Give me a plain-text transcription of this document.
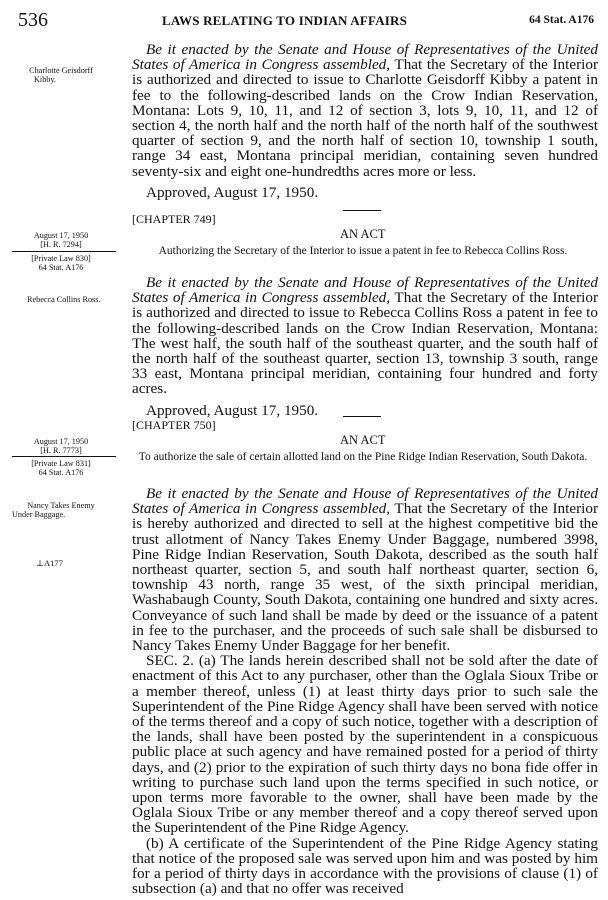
536	LAWS RELATING TO INDIAN AFFAIRS	64 Stat. A176
Charlotte Geisdorff
Kibby.
August 17, 1950
[H. R. 7294]
[Private Law 830]
64 Stat. A176
Rebecca Collins Ross.
August 17, 1950
[H. R. 7773]
[Private Law 831]
64 Stat. A176
Nancy Takes Enemy
Under Baggage.
⊥A177

Be it enacted by the Senate and House of Representatives of the United States of America in Congress assembled, That the Secretary of the Interior is authorized and directed to issue to Charlotte Geisdorff Kibby a patent in fee to the following-described lands on the Crow Indian Reservation, Montana: Lots 9, 10, 11, and 12 of section 3, lots 9, 10, 11, and 12 of section 4, the north half and the north half of the north half of the southwest quarter of section 9, and the north half of section 10, township 1 south, range 34 east, Montana principal meridian, containing seven hundred seventy-six and eight one-hundredths acres more or less.

Approved, August 17, 1950.

[CHAPTER 749]
AN ACT
Authorizing the Secretary of the Interior to issue a patent in fee to Rebecca Collins Ross.

Be it enacted by the Senate and House of Representatives of the United States of America in Congress assembled, That the Secretary of the Interior is authorized and directed to issue to Rebecca Collins Ross a patent in fee to the following-described lands on the Crow Indian Reservation, Montana: The west half, the south half of the southeast quarter, and the south half of the north half of the southeast quarter, section 13, township 3 south, range 33 east, Montana principal meridian, containing four hundred and forty acres.

Approved, August 17, 1950.

[CHAPTER 750]
AN ACT
To authorize the sale of certain allotted land on the Pine Ridge Indian Reservation, South Dakota.

Be it enacted by the Senate and House of Representatives of the United States of America in Congress assembled, That the Secretary of the Interior is hereby authorized and directed to sell at the highest competitive bid the trust allotment of Nancy Takes Enemy Under Baggage, numbered 3998, Pine Ridge Indian Reservation, South Dakota, described as the south half northeast quarter, section 5, and south half northeast quarter, section 6, township 43 north, range 35 west, of the sixth principal meridian, Washabaugh County, South Dakota, containing one hundred and sixty acres. Conveyance of such land shall be made by deed or the issuance of a patent in fee to the purchaser, and the proceeds of such sale shall be disbursed to Nancy Takes Enemy Under Baggage for her benefit.

SEC. 2. (a) The lands herein described shall not be sold after the date of enactment of this Act to any purchaser, other than the Oglala Sioux Tribe or a member thereof, unless (1) at least thirty days prior to such sale the Superintendent of the Pine Ridge Agency shall have been served with notice of the terms thereof and a copy of such notice, together with a description of the lands, shall have been posted by the superintendent in a conspicuous public place at such agency and have remained posted for a period of thirty days, and (2) prior to the expiration of such thirty days no bona fide offer in writing to purchase such land upon the terms specified in such notice, or upon terms more favorable to the owner, shall have been made by the Oglala Sioux Tribe or any member thereof and a copy thereof served upon the Superintendent of the Pine Ridge Agency.

(b) A certificate of the Superintendent of the Pine Ridge Agency stating that notice of the proposed sale was served upon him and was posted by him for a period of thirty days in accordance with the provisions of clause (1) of subsection (a) and that no offer was received
